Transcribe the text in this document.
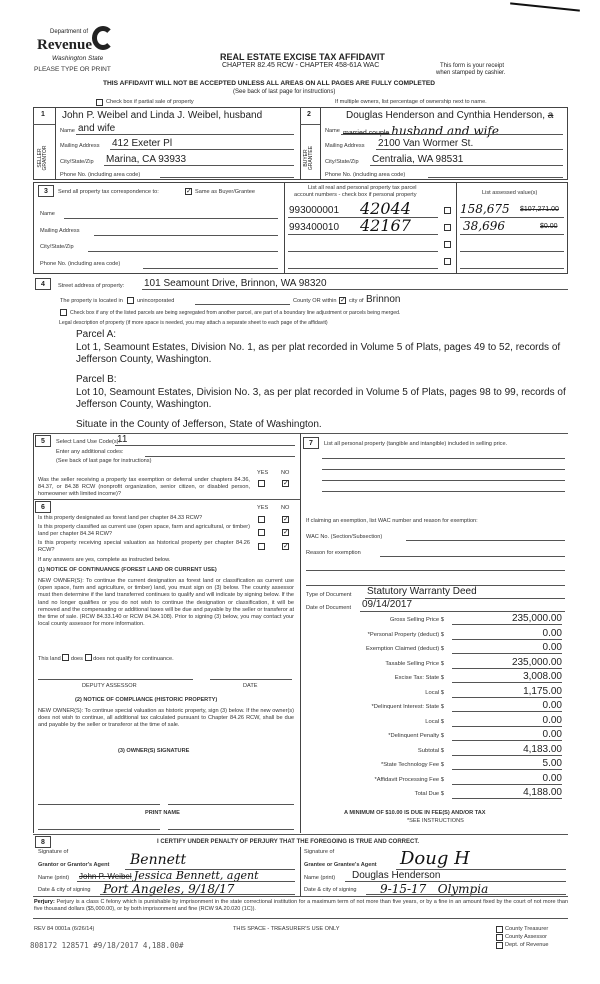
Department of
Revenue
Washington State
PLEASE TYPE OR PRINT
REAL ESTATE EXCISE TAX AFFIDAVIT
CHAPTER 82.45 RCW - CHAPTER 458-61A WAC	This form is your receipt
when stamped by cashier.
THIS AFFIDAVIT WILL NOT BE ACCEPTED UNLESS ALL AREAS ON ALL PAGES ARE FULLY COMPLETED
(See back of last page for instructions)
Check box if partial sale of property	If multiple owners, list percentage of ownership next to name.
1	2
SELLER GRANTOR	BUYER GRANTEE
John P. Weibel and Linda J. Weibel, husband
Name and wife
Mailing Address 412 Exeter Pl
City/State/Zip Marina, CA 93933
Phone No. (including area code)
Douglas Henderson and Cynthia Henderson, a
Name married couple husband and wife
Mailing Address 2100 Van Wormer St.
City/State/Zip Centralia, WA 98531
Phone No. (including area code)
3	Send all property tax correspondence to:	✓ Same as Buyer/Grantee
Name
Mailing Address
City/State/Zip
Phone No. (including area code)
List all real and personal property tax parcel
account numbers - check box if personal property	List assessed value(s)
993000001 42044	158,675 $107,271.00
993400010 42167	38,696	$0.00
4	Street address of property: 101 Seamount Drive, Brinnon, WA 98320
The property is located in	unincorporated	County OR within ✓ city of Brinnon
Check box if any of the listed parcels are being segregated from another parcel, are part of a boundary line adjustment or parcels being merged.
Legal description of property (if more space is needed, you may attach a separate sheet to each page of the affidavit)
Parcel A:
Lot 1, Seamount Estates, Division No. 1, as per plat recorded in Volume 5 of Plats, pages 49 to 52, records of
Jefferson County, Washington.
Parcel B:
Lot 10, Seamount Estates, Division No. 3, as per plat recorded in Volume 5 of Plats, pages 98 to 99, records of
Jefferson County, Washington.
Situate in the County of Jefferson, State of Washington.
5	Select Land Use Code(s):
11
Enter any additional codes:
(See back of last page for instructions)
YES NO
Was the seller receiving a property tax exemption or deferral under chapters 84.36, 84.37, or 84.38 RCW (nonprofit organization, senior citizen, or disabled person, homeowner with limited income)?
✓
6	YES NO
Is this property designated as forest land per chapter 84.33 RCW?	✓
Is this property classified as current use (open space, farm and agricultural, or timber) land per chapter 84.34 RCW?	✓
Is this property receiving special valuation as historical property per chapter 84.26 RCW?
✓
If any answers are yes, complete as instructed below.
(1) NOTICE OF CONTINUANCE (FOREST LAND OR CURRENT USE)
NEW OWNER(S): To continue the current designation as forest land or classification as current use (open space, farm and agriculture, or timber) land, you must sign on (3) below. The county assessor must then determine if the land transferred continues to qualify and will indicate by signing below. If the land no longer qualifies or you do not wish to continue the designation or classification, it will be removed and the compensating or additional taxes will be due and payable by the seller or transferor at the time of sale. (RCW 84.33.140 or RCW 84.34.108). Prior to signing (3) below, you may contact your local county assessor for more information.
This land does does not qualify for continuance.
DEPUTY ASSESSOR	DATE
(2) NOTICE OF COMPLIANCE (HISTORIC PROPERTY)
NEW OWNER(S): To continue special valuation as historic property, sign (3) below. If the new owner(s) does not wish to continue, all additional tax calculated pursuant to Chapter 84.26 RCW, shall be due and payable by the seller or transferor at the time of sale.
(3) OWNER(S) SIGNATURE
PRINT NAME
7	List all personal property (tangible and intangible) included in selling price.
If claiming an exemption, list WAC number and reason for exemption:
WAC No. (Section/Subsection)
Reason for exemption
Type of Document Statutory Warranty Deed
Date of Document 09/14/2017
Gross Selling Price $	235,000.00
*Personal Property (deduct) $	0.00
Exemption Claimed (deduct) $	0.00
Taxable Selling Price $	235,000.00
Excise Tax: State $	3,008.00
Local $	1,175.00
*Delinquent Interest: State $	0.00
Local $	0.00
*Delinquent Penalty $	0.00
Subtotal $	4,183.00
*State Technology Fee $	5.00
*Affidavit Processing Fee $	0.00
Total Due $	4,188.00
A MINIMUM OF $10.00 IS DUE IN FEE(S) AND/OR TAX
*SEE INSTRUCTIONS
8	I CERTIFY UNDER PENALTY OF PERJURY THAT THE FOREGOING IS TRUE AND CORRECT.
Signature of
Grantor or Grantor's Agent Bennett
Name (print) John P. Weibel Jessica Bennett, agent
Date & city of signing Port Angeles, 9/18/17
Signature of
Grantee or Grantee's Agent Doug H
Name (print) Douglas Henderson
Date & city of signing 9-15-17   Olympia
Perjury: Perjury is a class C felony which is punishable by imprisonment in the state correctional institution for a maximum term of not more than five years, or by a fine in an amount fixed by the court of not more than five thousand dollars ($5,000.00), or by both imprisonment and fine (RCW 9A.20.020 (1C)).
REV 84 0001a (6/26/14)	THIS SPACE - TREASURER'S USE ONLY	County Treasurer
County Assessor
Dept. of Revenue
808172 128571 #9/18/2017 4,188.00#
